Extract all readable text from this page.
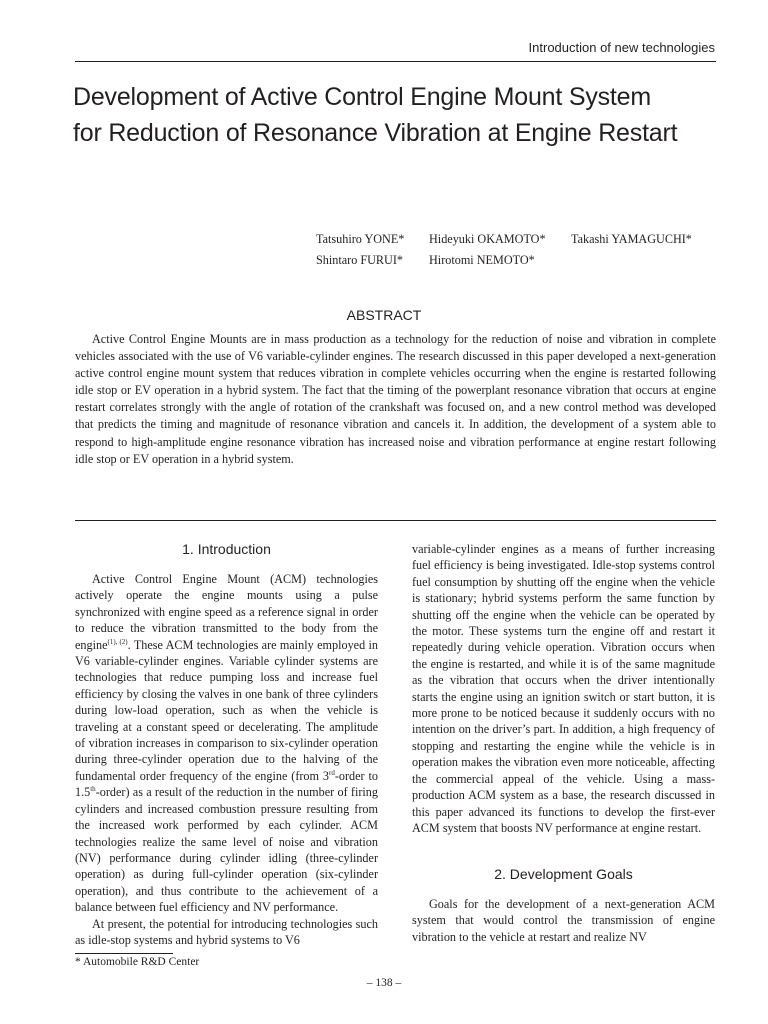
Introduction of new technologies
Development of Active Control Engine Mount System
for Reduction of Resonance Vibration at Engine Restart
Tatsuhiro YONE* Hideyuki OKAMOTO* Takashi YAMAGUCHI*
Shintaro FURUI* Hirotomi NEMOTO*
ABSTRACT

Active Control Engine Mounts are in mass production as a technology for the reduction of noise and vibration in complete vehicles associated with the use of V6 variable-cylinder engines. The research discussed in this paper developed a next-generation active control engine mount system that reduces vibration in complete vehicles occurring when the engine is restarted following idle stop or EV operation in a hybrid system. The fact that the timing of the powerplant resonance vibration that occurs at engine restart correlates strongly with the angle of rotation of the crankshaft was focused on, and a new control method was developed that predicts the timing and magnitude of resonance vibration and cancels it. In addition, the development of a system able to respond to high-amplitude engine resonance vibration has increased noise and vibration performance at engine restart following idle stop or EV operation in a hybrid system.

1. Introduction

Active Control Engine Mount (ACM) technologies actively operate the engine mounts using a pulse synchronized with engine speed as a reference signal in order to reduce the vibration transmitted to the body from the engine$^{(1), (2)}$. These ACM technologies are mainly employed in V6 variable-cylinder engines. Variable cylinder systems are technologies that reduce pumping loss and increase fuel efficiency by closing the valves in one bank of three cylinders during low-load operation, such as when the vehicle is traveling at a constant speed or decelerating. The amplitude of vibration increases in comparison to six-cylinder operation during three-cylinder operation due to the halving of the fundamental order frequency of the engine (from 3rd-order to 1.5th-order) as a result of the reduction in the number of firing cylinders and increased combustion pressure resulting from the increased work performed by each cylinder. ACM technologies realize the same level of noise and vibration (NV) performance during cylinder idling (three-cylinder operation) as during full-cylinder operation (six-cylinder operation), and thus contribute to the achievement of a balance between fuel efficiency and NV performance.

At present, the potential for introducing technologies such as idle-stop systems and hybrid systems to V6

variable-cylinder engines as a means of further increasing fuel efficiency is being investigated. Idle-stop systems control fuel consumption by shutting off the engine when the vehicle is stationary; hybrid systems perform the same function by shutting off the engine when the vehicle can be operated by the motor. These systems turn the engine off and restart it repeatedly during vehicle operation. Vibration occurs when the engine is restarted, and while it is of the same magnitude as the vibration that occurs when the driver intentionally starts the engine using an ignition switch or start button, it is more prone to be noticed because it suddenly occurs with no intention on the driver’s part. In addition, a high frequency of stopping and restarting the engine while the vehicle is in operation makes the vibration even more noticeable, affecting the commercial appeal of the vehicle. Using a mass-production ACM system as a base, the research discussed in this paper advanced its functions to develop the first-ever ACM system that boosts NV performance at engine restart.

2. Development Goals

Goals for the development of a next-generation ACM system that would control the transmission of engine vibration to the vehicle at restart and realize NV

* Automobile R&D Center
– 138 –
